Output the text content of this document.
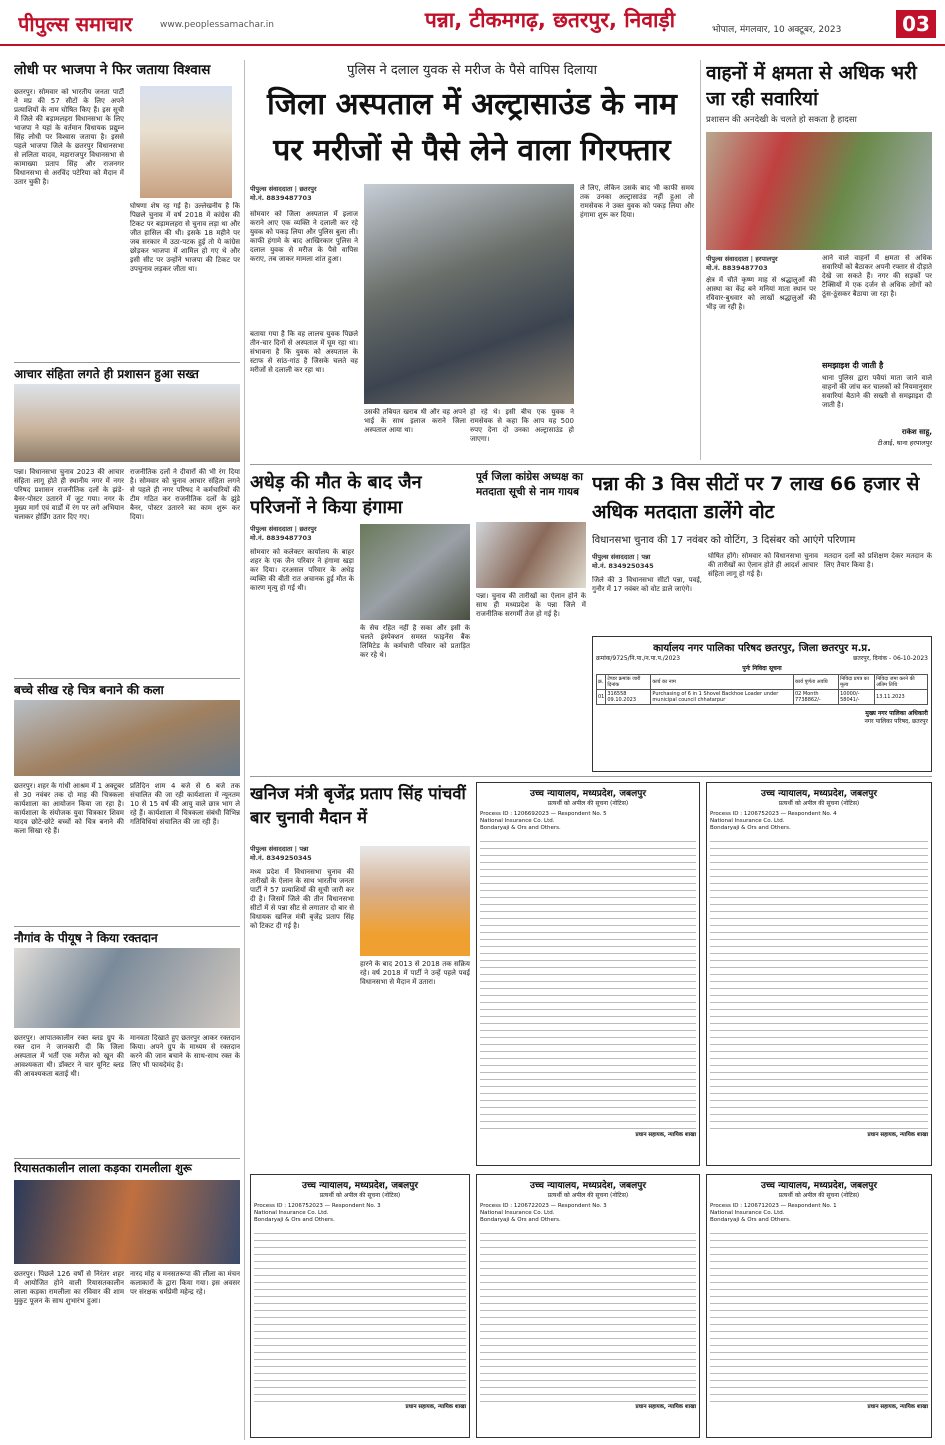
पीपुल्स समाचार	www.peoplessamachar.in	पन्ना, टीकमगढ़, छतरपुर, निवाड़ी	भोपाल, मंगलवार, 10 अक्टूबर, 2023	03
लोधी पर भाजपा ने फिर जताया विश्वास
छतरपुर। सोमवार को भारतीय जनता पार्टी ने मप्र की 57 सीटों के लिए अपने प्रत्याशियों के नाम घोषित किए हैं। इस सूची में जिले की बड़ामलहरा विधानसभा के लिए भाजपा ने यहां के वर्तमान विधायक प्रद्युम्न सिंह लोधी पर विश्वास जताया है। इससे पहले भाजपा जिले के छतरपुर विधानसभा से ललिता यादव, महाराजपुर विधानसभा से कामाख्या प्रताप सिंह और राजनगर विधानसभा से अरविंद पटेरिया को मैदान में उतार चुकी है।
घोषणा शेष रह गई है। उल्लेखनीय है कि पिछले चुनाव में वर्ष 2018 में कांग्रेस की टिकट पर बड़ामलहरा से चुनाव लड़ा था और जीत हासिल की थी। इसके 18 महीने पर जब सरकार में उठा-पटक हुई तो ये कांग्रेस छोड़कर भाजपा में शामिल हो गए थे और इसी सीट पर उन्होंने भाजपा की टिकट पर उपचुनाव लड़कर जीता था।
आचार संहिता लगते ही प्रशासन हुआ सख्त
पन्ना। विधानसभा चुनाव 2023 की आचार संहिता लागू होते ही स्थानीय नगर में नगर परिषद प्रशासन राजनीतिक दलों के झंडे-बैनर-पोस्टर उतारने में जुट गया। नगर के मुख्य मार्ग एवं वार्डों में रंग पर लगे अभियान चलाकर होर्डिंग उतार दिए गए।
राजनीतिक दलों ने दीवारों की भी रंग दिया है। सोमवार को चुनाव आचार संहिता लगने से पहले ही नगर परिषद ने कर्मचारियों की टीम गठित कर राजनीतिक दलों के झुंडे बैनर, पोस्टर उतारने का काम शुरू कर दिया।
बच्चे सीख रहे चित्र बनाने की कला
छतरपुर। शहर के गांधी आश्रम में 1 अक्टूबर से 30 नवंबर तक दो माह की चित्रकला कार्यशाला का आयोजन किया जा रहा है। कार्यशाला के संयोजक युवा चित्रकार शिवम यादव छोटे-छोटे बच्चों को चित्र बनाने की कला सिखा रहे हैं।
प्रतिदिन शाम 4 बजे से 6 बजे तक संचालित की जा रही कार्यशाला में न्यूनतम 10 से 15 वर्ष की आयु वाले छात्र भाग ले रहे हैं। कार्यशाला में चित्रकला संबंधी विभिन्न गतिविधियां संचालित की जा रही हैं।
नौगांव के पीयूष ने किया रक्तदान
छतरपुर। आपातकालीन रक्त ब्लड ग्रुप के रक्त दान ने जानकारी दी कि जिला अस्पताल में भर्ती एक मरीज को खून की आवश्यकता थी। डॉक्टर ने चार यूनिट ब्लड की आवश्यकता बताई थी।
मानवता दिखाते हुए छतरपुर आकर रक्तदान किया। अपने ग्रुप के माध्यम से रक्तदान करने की जान बचाने के साथ-साथ रक्त के लिए भी फायदेमंद है।
रियासतकालीन लाला कड़का रामलीला शुरू
छतरपुर। पिछले 126 वर्षों से निरंतर शहर में आयोजित होने वाली रियासतकालीन लाला कड़का रामलीला का रविवार की शाम मुकुट पूजन के साथ शुभारंभ हुआ।
नारद मोह व मनसतरूपा की लीला का मंचन कलाकारों के द्वारा किया गया। इस अवसर पर संरक्षक धर्मप्रेमी महेन्द्र रहे।
पुलिस ने दलाल युवक से मरीज के पैसे वापिस दिलाया
जिला अस्पताल में अल्ट्रासाउंड के नाम पर मरीजों से पैसे लेने वाला गिरफ्तार
पीपुल्स संवाददाता | छतरपुर
मो.नं. 8839487703
सोमवार को जिला अस्पताल में इलाज कराने आए एक व्यक्ति ने दलाली कर रहे युवक को पकड़ लिया और पुलिस बुला ली। काफी हंगामे के बाद आखिरकार पुलिस ने दलाल युवक से मरीज के पैसे वापिस कराए, तब जाकर मामला शांत हुआ।
बताया गया है कि वह लालच युवक पिछले तीन-चार दिनों से अस्पताल में घूम रहा था। संभावना है कि युवक को अस्पताल के स्टाफ से सांठ-गांठ है जिसके चलते वह मरीजों से दलाली कर रहा था।
उसकी तबियत खराब थी और वह अपने भाई के साथ इलाज कराने जिला अस्पताल आया था।
हो रहे थे। इसी बीच एक युवक ने रामसेवक से कहा कि आप यह 500 रुपए देना दो उनका अल्ट्रासाउंड हो जाएगा।
ले लिए, लेकिन उसके बाद भी काफी समय तक उनका अल्ट्रासाउंड नहीं हुआ तो रामसेवक ने उक्त युवक को पकड़ लिया और हंगामा शुरू कर दिया।
वाहनों में क्षमता से अधिक भरी जा रही सवारियां
प्रशासन की अनदेखी के चलते हो सकता है हादसा
पीपुल्स संवाददाता | हरपालपुर
मो.नं. 8839487703
क्षेत्र में चौते कृष्ण माह से श्रद्धालुओं की आस्था का केंद्र बने मनियां माता स्थान पर रविवार-बुधवार को लाखों श्रद्धालुओं की भीड़ जा रही है।
आने वाले वाहनों में क्षमता से अधिक सवारियों को बैठाकर अपनी रफ्तार से दौड़ाते देखे जा सकते हैं। नगर की सड़कों पर टैक्सियों में एक दर्जन से अधिक लोगों को ठूंस-ठूंसकर बैठाया जा रहा है।
समझाइश दी जाती है
थाना पुलिस द्वारा पवैयां माता जाने वाले वाहनों की जांच कर चालकों को नियमानुसार सवारियां बैठाने की सख्ती से समझाइश दी जाती है।
राकेश साहू,
टीआई, थाना हरपालपुर
अधेड़ की मौत के बाद जैन परिजनों ने किया हंगामा
पीपुल्स संवाददाता | छतरपुर
मो.नं. 8839487703
सोमवार को कलेक्टर कार्यालय के बाहर शहर के एक जैन परिवार ने हंगामा खड़ा कर दिया। दरअसल परिवार के अधेड़ व्यक्ति की बीती रात अचानक हुई मौत के कारण मृत्यु हो गई थी।
के सेच रहित नहीं है सका और इसी के चलते इंस्पेक्शन समस्त फाइनेंस बैंक लिमिटेड के कर्मचारी परिवार को प्रताड़ित कर रहे थे।
पूर्व जिला कांग्रेस अध्यक्ष का मतदाता सूची से नाम गायब
पन्ना। चुनाव की तारीखों का ऐलान होने के साथ ही मध्यप्रदेश के पन्ना जिले में राजनीतिक सरगर्मी तेज हो गई है।
पन्ना की 3 विस सीटों पर 7 लाख 66 हजार से अधिक मतदाता डालेंगे वोट
विधानसभा चुनाव की 17 नवंबर को वोटिंग, 3 दिसंबर को आएंगे परिणाम
पीपुल्स संवाददाता | पन्ना
मो.नं. 8349250345
जिले की 3 विधानसभा सीटों पन्ना, पवई, गुनौर में 17 नवंबर को वोट डाले जाएंगे।
घोषित होंगे। सोमवार को विधानसभा चुनाव की तारीखों का ऐलान होते ही आदर्श आचार संहिता लागू हो गई है।
मतदान दलों को प्रशिक्षण देकर मतदान के लिए तैयार किया है।
कार्यालय नगर पालिका परिषद छतरपुर, जिला छतरपुर म.प्र.
क्रमांक/9725/नि.पा./न.पा.प./2023	छतरपुर, दिनांक - 06-10-2023
पुर्नः निविदा सूचना
क्र.	टेण्डर क्रमांक जारी दिनांक	कार्य का नाम	कार्य पूर्णता अवधि	निविदा प्रपत्र का मूल्य	निविदा जमा करने की अंतिम तिथि
01	316558 09.10.2023	Purchasing of 6 in 1 Shovel Backhoe Loader under municipal council chhatarpur	02 Month 7738862/-	10000/- 58041/-	13.11.2023
मुख्य नगर पालिका अधिकारी
नगर पालिका परिषद, छतरपुर
खनिज मंत्री बृजेंद्र प्रताप सिंह पांचवीं बार चुनावी मैदान में
पीपुल्स संवाददाता | पन्ना
मो.नं. 8349250345
मध्य प्रदेश में विधानसभा चुनाव की तारीखों के ऐलान के साथ भारतीय जनता पार्टी ने 57 प्रत्याशियों की सूची जारी कर दी है। जिसमें जिले की तीन विधानसभा सीटों में से पन्ना सीट से लगातार दो बार से विधायक खनिज मंत्री बृजेंद्र प्रताप सिंह को टिकट दी गई है।
हारने के बाद 2013 से 2018 तक सक्रिय रहे। वर्ष 2018 में पार्टी ने उन्हें पहले पवई विधानसभा से मैदान में उतारा।
उच्च न्यायालय, मध्यप्रदेश, जबलपुर
प्रत्यर्थी को अपील की सूचना (नोटिस)
Process ID : 1206692023 — Respondent No. 5
National Insurance Co. Ltd.
Bondaryaji & Ors and Others.
प्रधान सहायक, न्यायिक शाखा
उच्च न्यायालय, मध्यप्रदेश, जबलपुर
प्रत्यर्थी को अपील की सूचना (नोटिस)
Process ID : 1206752023 — Respondent No. 4
National Insurance Co. Ltd.
Bondaryaji & Ors and Others.
प्रधान सहायक, न्यायिक शाखा
उच्च न्यायालय, मध्यप्रदेश, जबलपुर
प्रत्यर्थी को अपील की सूचना (नोटिस)
Process ID : 1206752023 — Respondent No. 3
National Insurance Co. Ltd.
Bondaryaji & Ors and Others.
प्रधान सहायक, न्यायिक शाखा
उच्च न्यायालय, मध्यप्रदेश, जबलपुर
प्रत्यर्थी को अपील की सूचना (नोटिस)
Process ID : 1206722023 — Respondent No. 3
National Insurance Co. Ltd.
Bondaryaji & Ors and Others.
प्रधान सहायक, न्यायिक शाखा
उच्च न्यायालय, मध्यप्रदेश, जबलपुर
प्रत्यर्थी को अपील की सूचना (नोटिस)
Process ID : 1206712023 — Respondent No. 1
National Insurance Co. Ltd.
Bondaryaji & Ors and Others.
प्रधान सहायक, न्यायिक शाखा
